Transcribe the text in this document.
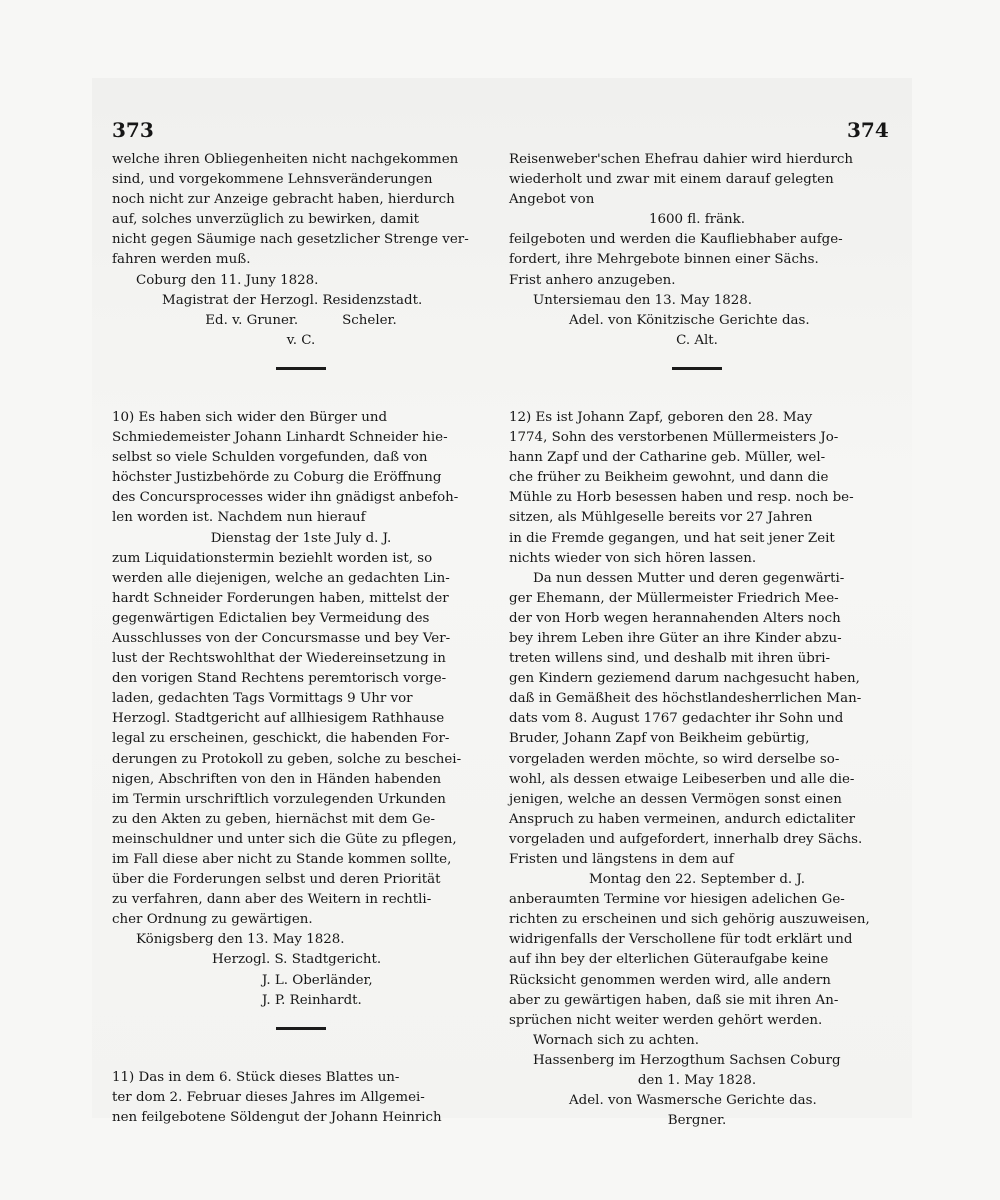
373	374
welche ihren Obliegenheiten nicht nachgekommen
sind, und vorgekommene Lehnsveränderungen
noch nicht zur Anzeige gebracht haben, hierdurch
auf, solches unverzüglich zu bewirken, damit
nicht gegen Säumige nach gesetzlicher Strenge ver-
fahren werden muß.
Coburg den 11. Juny 1828.
Magistrat der Herzogl. Residenzstadt.
Ed. v. Gruner.	Scheler.
v. C.
10) Es haben sich wider den Bürger und
Schmiedemeister Johann Linhardt Schneider hie-
selbst so viele Schulden vorgefunden, daß von
höchster Justizbehörde zu Coburg die Eröffnung
des Concursprocesses wider ihn gnädigst anbefoh-
len worden ist. Nachdem nun hierauf
Dienstag der 1ste July d. J.
zum Liquidationstermin beziehlt worden ist, so
werden alle diejenigen, welche an gedachten Lin-
hardt Schneider Forderungen haben, mittelst der
gegenwärtigen Edictalien bey Vermeidung des
Ausschlusses von der Concursmasse und bey Ver-
lust der Rechtswohlthat der Wiedereinsetzung in
den vorigen Stand Rechtens peremtorisch vorge-
laden, gedachten Tags Vormittags 9 Uhr vor
Herzogl. Stadtgericht auf allhiesigem Rathhause
legal zu erscheinen, geschickt, die habenden For-
derungen zu Protokoll zu geben, solche zu beschei-
nigen, Abschriften von den in Händen habenden
im Termin urschriftlich vorzulegenden Urkunden
zu den Akten zu geben, hiernächst mit dem Ge-
meinschuldner und unter sich die Güte zu pflegen,
im Fall diese aber nicht zu Stande kommen sollte,
über die Forderungen selbst und deren Priorität
zu verfahren, dann aber des Weitern in rechtli-
cher Ordnung zu gewärtigen.
Königsberg den 13. May 1828.
Herzogl. S. Stadtgericht.
J. L. Oberländer,
J. P. Reinhardt.
11) Das in dem 6. Stück dieses Blattes un-
ter dom 2. Februar dieses Jahres im Allgemei-
nen feilgebotene Söldengut der Johann Heinrich
Reisenweber'schen Ehefrau dahier wird hierdurch
wiederholt und zwar mit einem darauf gelegten
Angebot von
1600 fl. fränk.
feilgeboten und werden die Kaufliebhaber aufge-
fordert, ihre Mehrgebote binnen einer Sächs.
Frist anhero anzugeben.
Untersiemau den 13. May 1828.
Adel. von Könitzische Gerichte das.
C. Alt.
12) Es ist Johann Zapf, geboren den 28. May
1774, Sohn des verstorbenen Müllermeisters Jo-
hann Zapf und der Catharine geb. Müller, wel-
che früher zu Beikheim gewohnt, und dann die
Mühle zu Horb besessen haben und resp. noch be-
sitzen, als Mühlgeselle bereits vor 27 Jahren
in die Fremde gegangen, und hat seit jener Zeit
nichts wieder von sich hören lassen.
Da nun dessen Mutter und deren gegenwärti-
ger Ehemann, der Müllermeister Friedrich Mee-
der von Horb wegen herannahenden Alters noch
bey ihrem Leben ihre Güter an ihre Kinder abzu-
treten willens sind, und deshalb mit ihren übri-
gen Kindern geziemend darum nachgesucht haben,
daß in Gemäßheit des höchstlandesherrlichen Man-
dats vom 8. August 1767 gedachter ihr Sohn und
Bruder, Johann Zapf von Beikheim gebürtig,
vorgeladen werden möchte, so wird derselbe so-
wohl, als dessen etwaige Leibeserben und alle die-
jenigen, welche an dessen Vermögen sonst einen
Anspruch zu haben vermeinen, andurch edictaliter
vorgeladen und aufgefordert, innerhalb drey Sächs.
Fristen und längstens in dem auf
Montag den 22. September d. J.
anberaumten Termine vor hiesigen adelichen Ge-
richten zu erscheinen und sich gehörig auszuweisen,
widrigenfalls der Verschollene für todt erklärt und
auf ihn bey der elterlichen Güteraufgabe keine
Rücksicht genommen werden wird, alle andern
aber zu gewärtigen haben, daß sie mit ihren An-
sprüchen nicht weiter werden gehört werden.
Wornach sich zu achten.
Hassenberg im Herzogthum Sachsen Coburg
den 1. May 1828.
Adel. von Wasmersche Gerichte das.
Bergner.
